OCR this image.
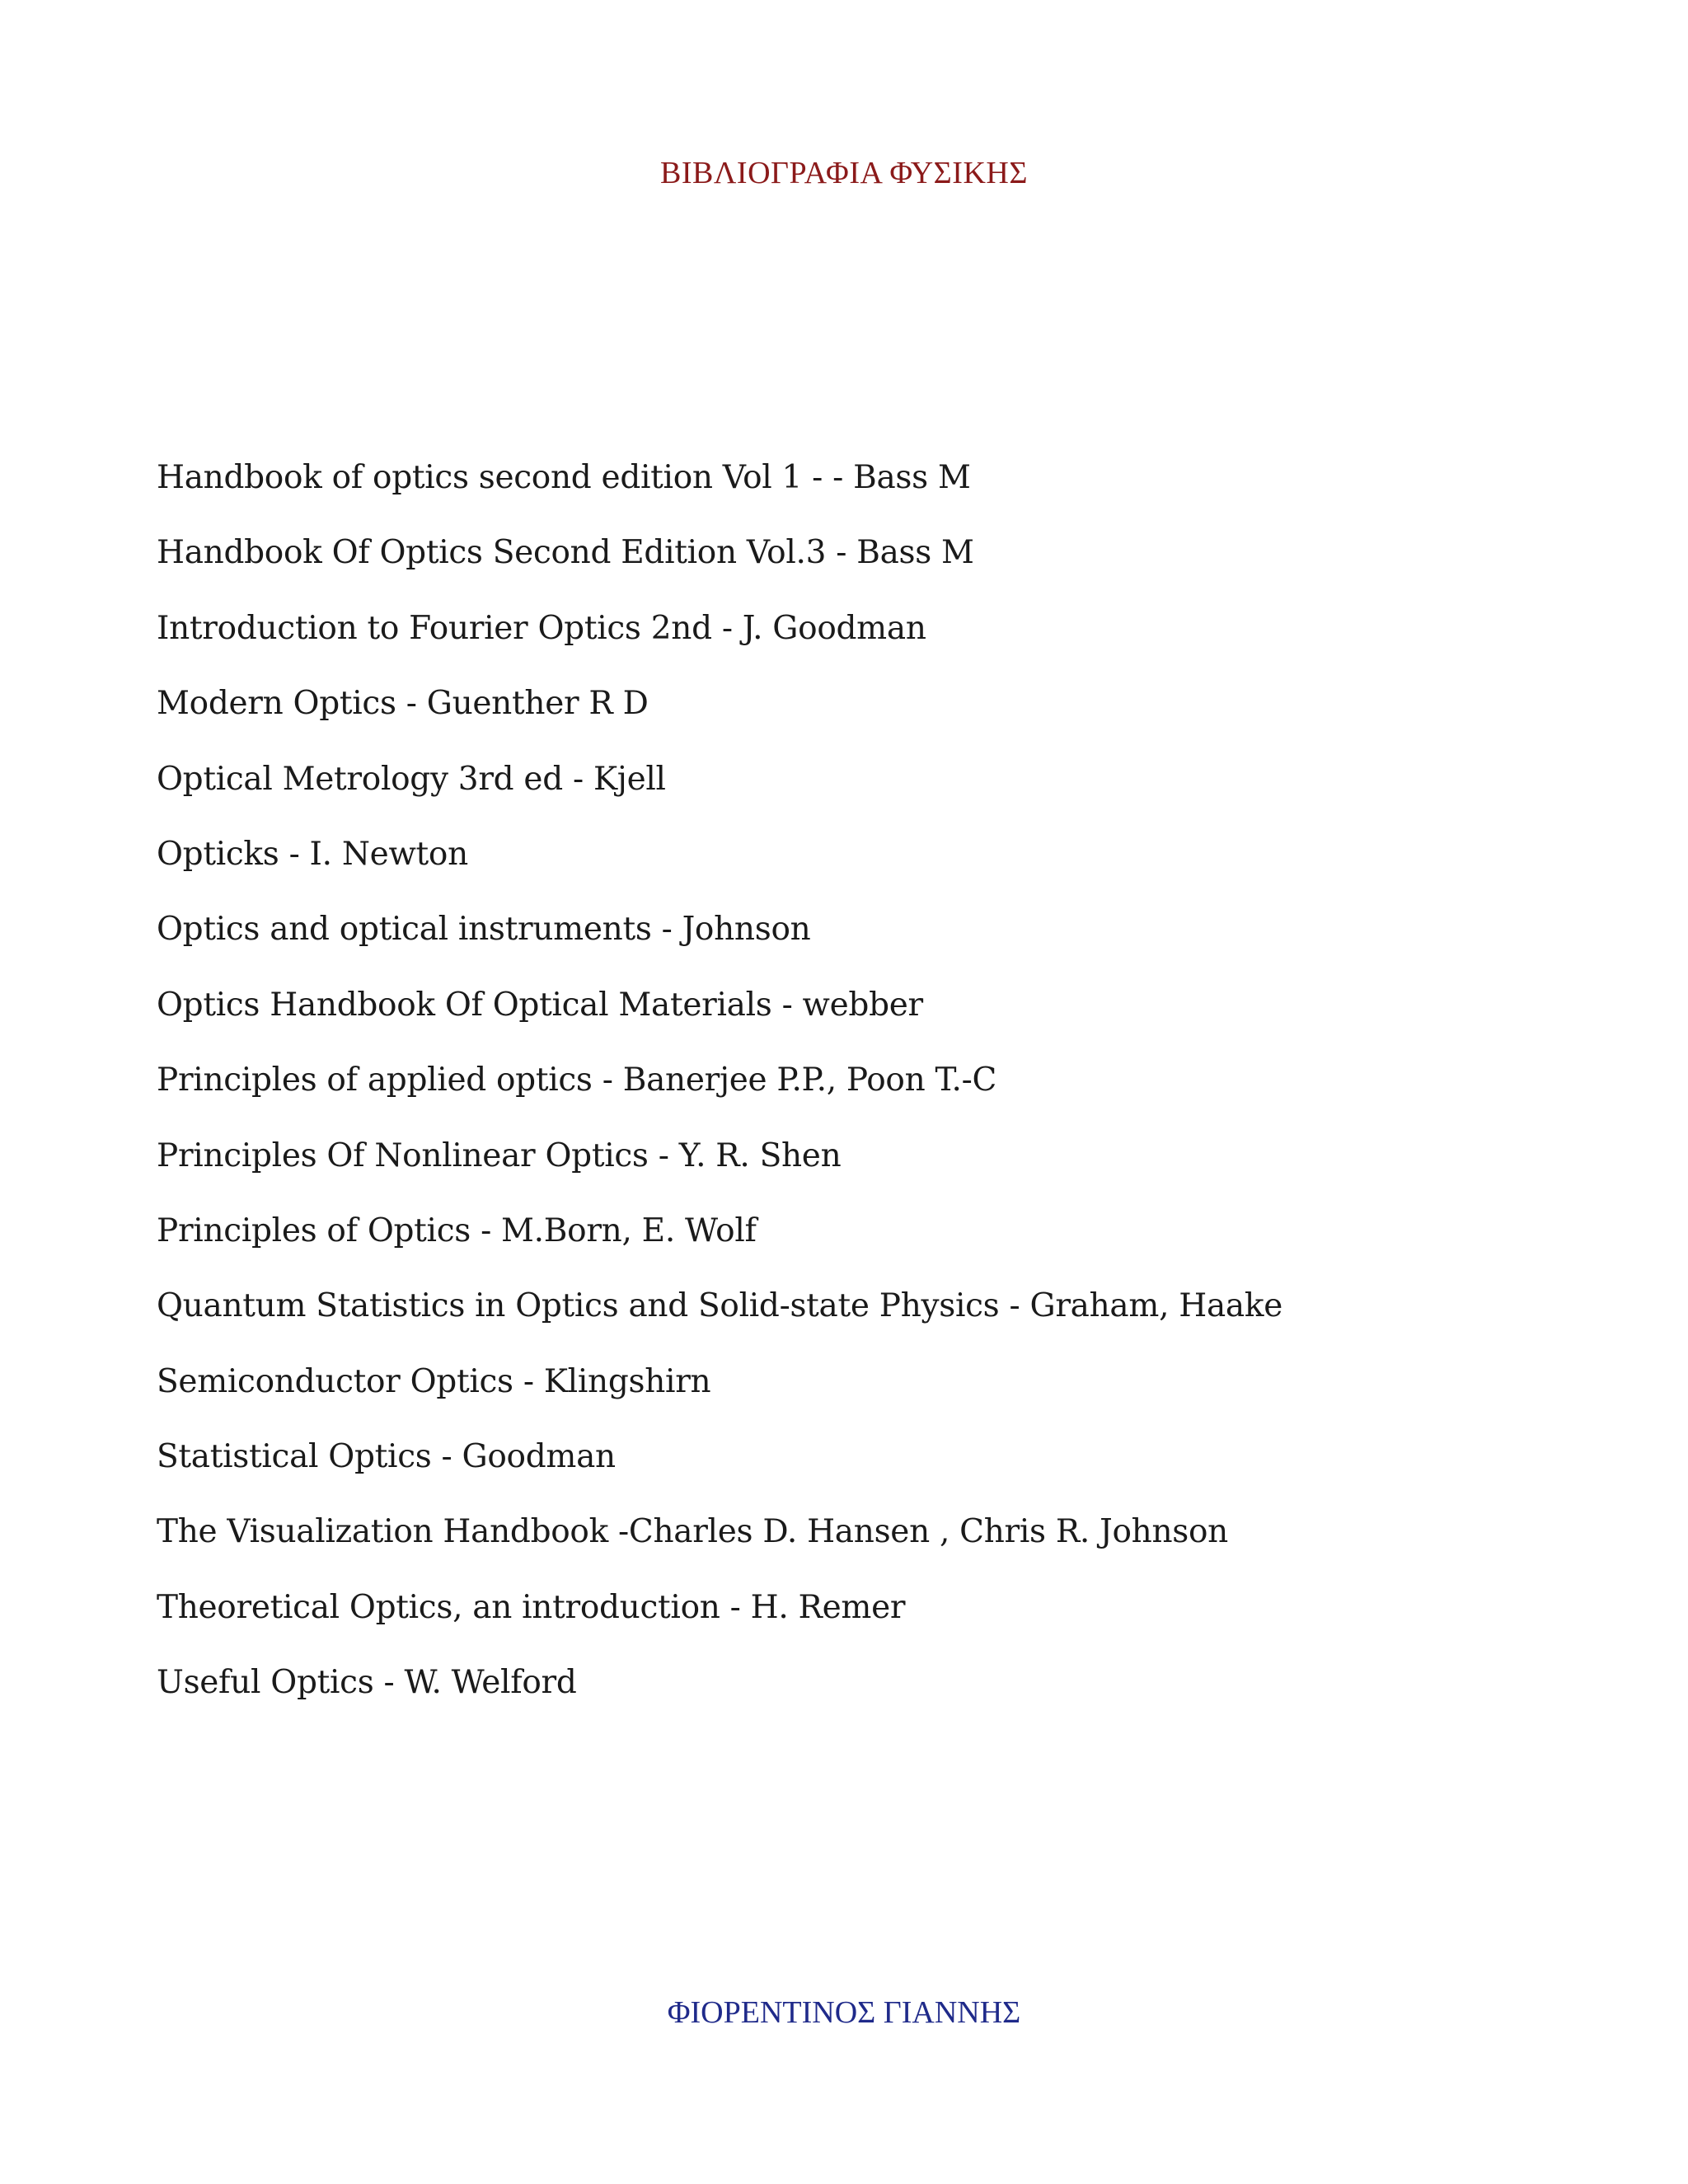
ΒΙΒΛΙΟΓΡΑΦΙΑ ΦΥΣΙΚΗΣ
Handbook of optics second edition Vol 1 - - Bass M
Handbook Of Optics Second Edition Vol.3 - Bass M
Introduction to Fourier Optics 2nd - J. Goodman
Modern Optics - Guenther R D
Optical Metrology 3rd ed - Kjell
Opticks - I. Newton
Optics and optical instruments - Johnson
Optics Handbook Of Optical Materials - webber
Principles of applied optics - Banerjee P.P., Poon T.-C
Principles Of Nonlinear Optics - Y. R. Shen
Principles of Optics - M.Born, E. Wolf
Quantum Statistics in Optics and Solid-state Physics - Graham, Haake
Semiconductor Optics - Klingshirn
Statistical Optics - Goodman
The Visualization Handbook -Charles D. Hansen , Chris R. Johnson
Theoretical Optics, an introduction - H. Remer
Useful Optics - W. Welford
ΦΙΟΡΕΝΤΙΝΟΣ ΓΙΑΝΝΗΣ
